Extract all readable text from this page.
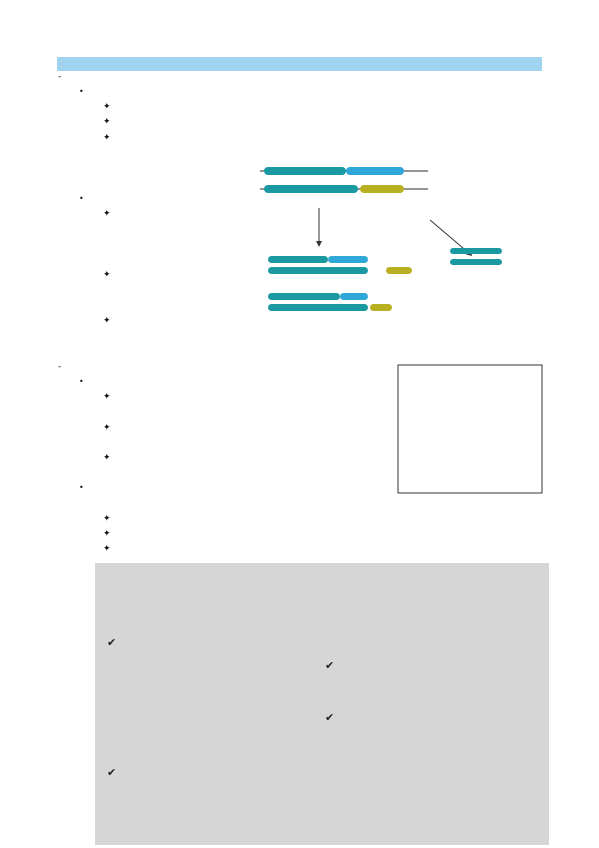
-
•
✦
✦
✦
•
✦
✦
✦
-
•
✦
✦
✦
•
✦
✦
✦
✔
✔
✔
✔
